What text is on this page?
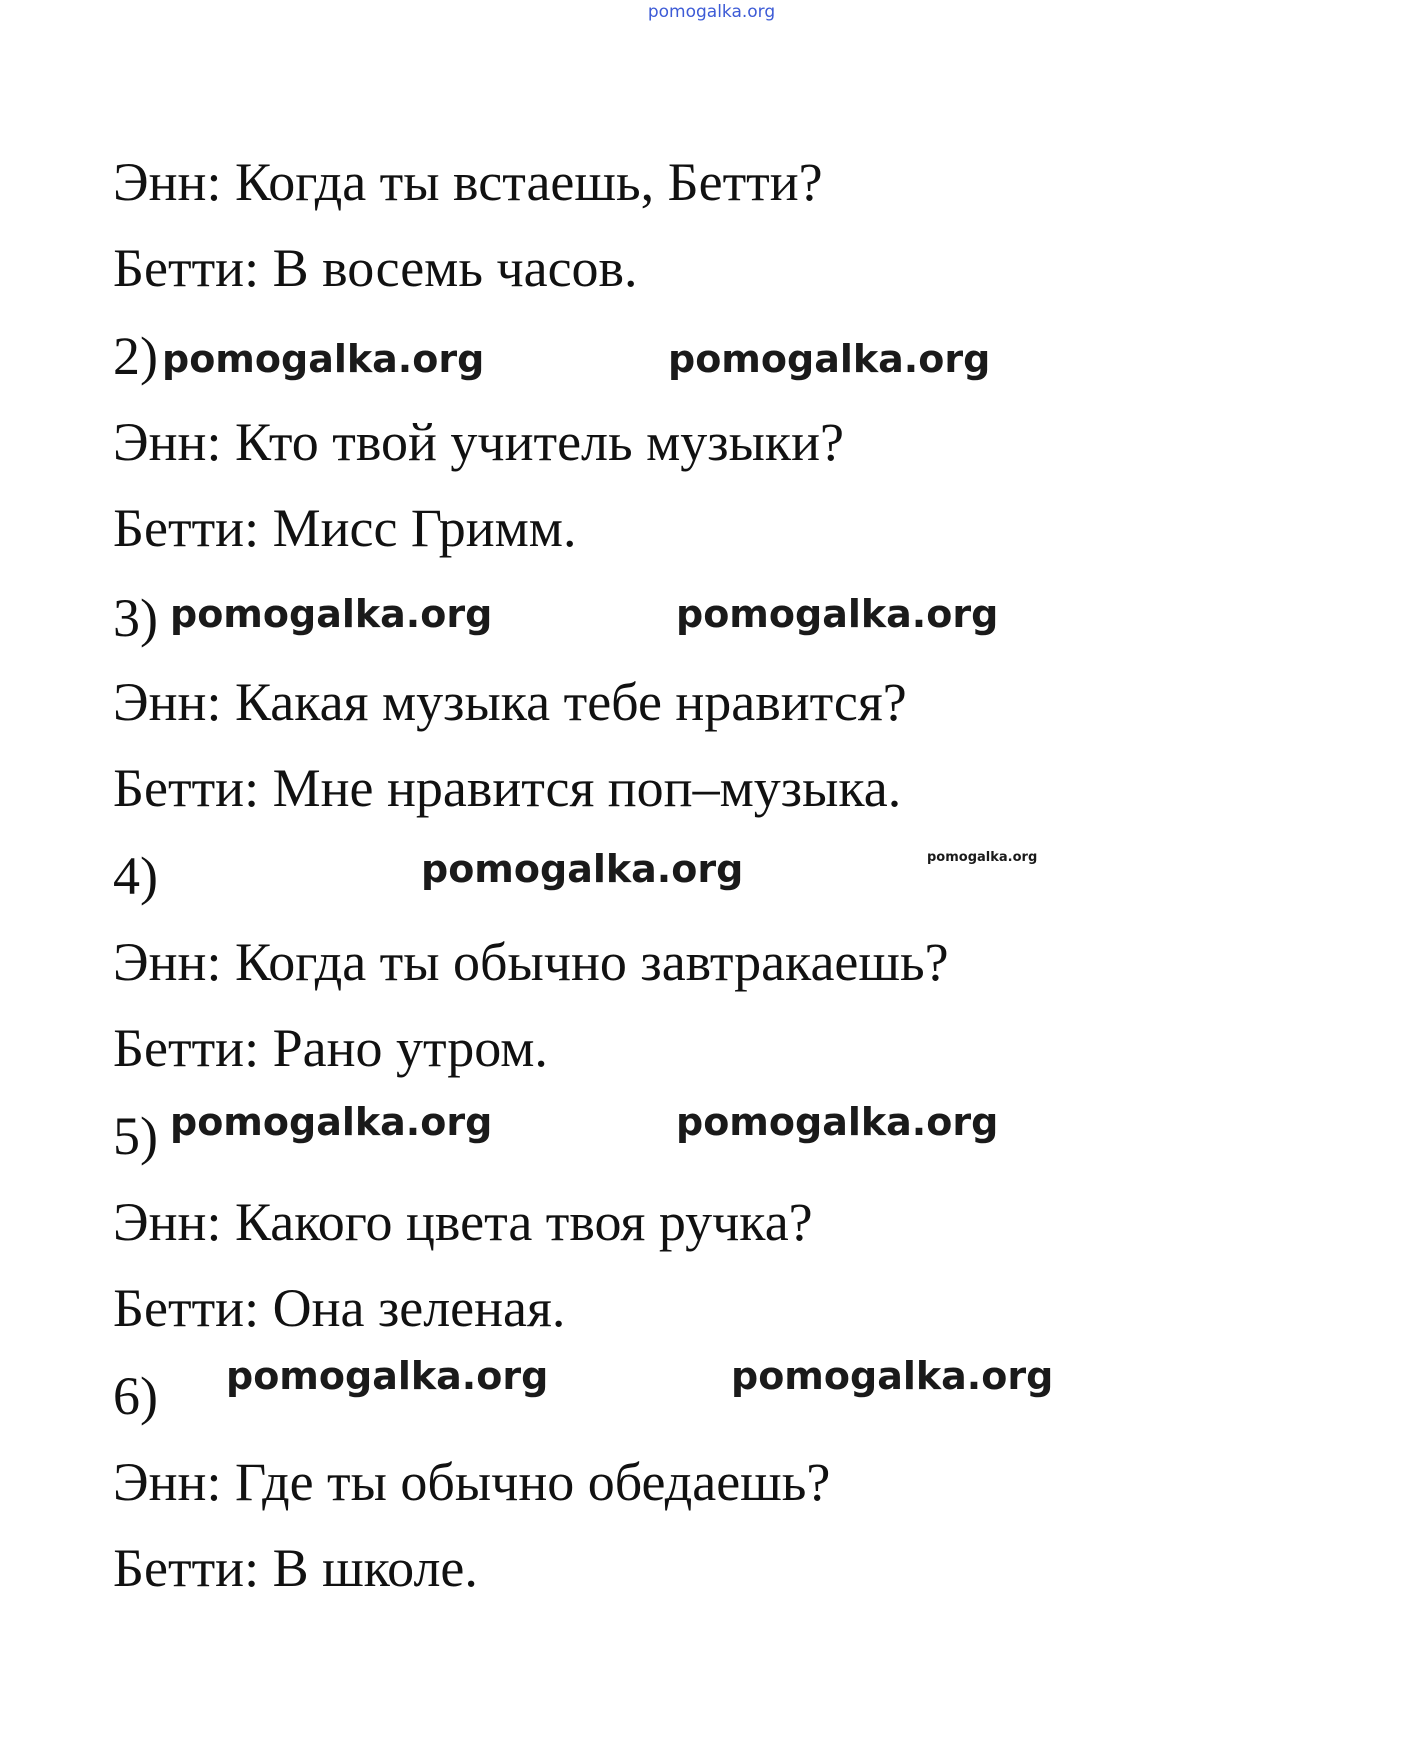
pomogalka.org
Энн: Когда ты встаешь, Бетти?
Бетти: В восемь часов.
2) pomogalka.org	pomogalka.org
Энн: Кто твой учитель музыки?
Бетти: Мисс Гримм.
3) pomogalka.org	pomogalka.org
Энн: Какая музыка тебе нравится?
Бетти: Мне нравится поп–музыка.
4)	pomogalka.org	pomogalka.org
Энн: Когда ты обычно завтракаешь?
Бетти: Рано утром.
5) pomogalka.org	pomogalka.org
Энн: Какого цвета твоя ручка?
Бетти: Она зеленая.
6) pomogalka.org	pomogalka.org
Энн: Где ты обычно обедаешь?
Бетти: В школе.
